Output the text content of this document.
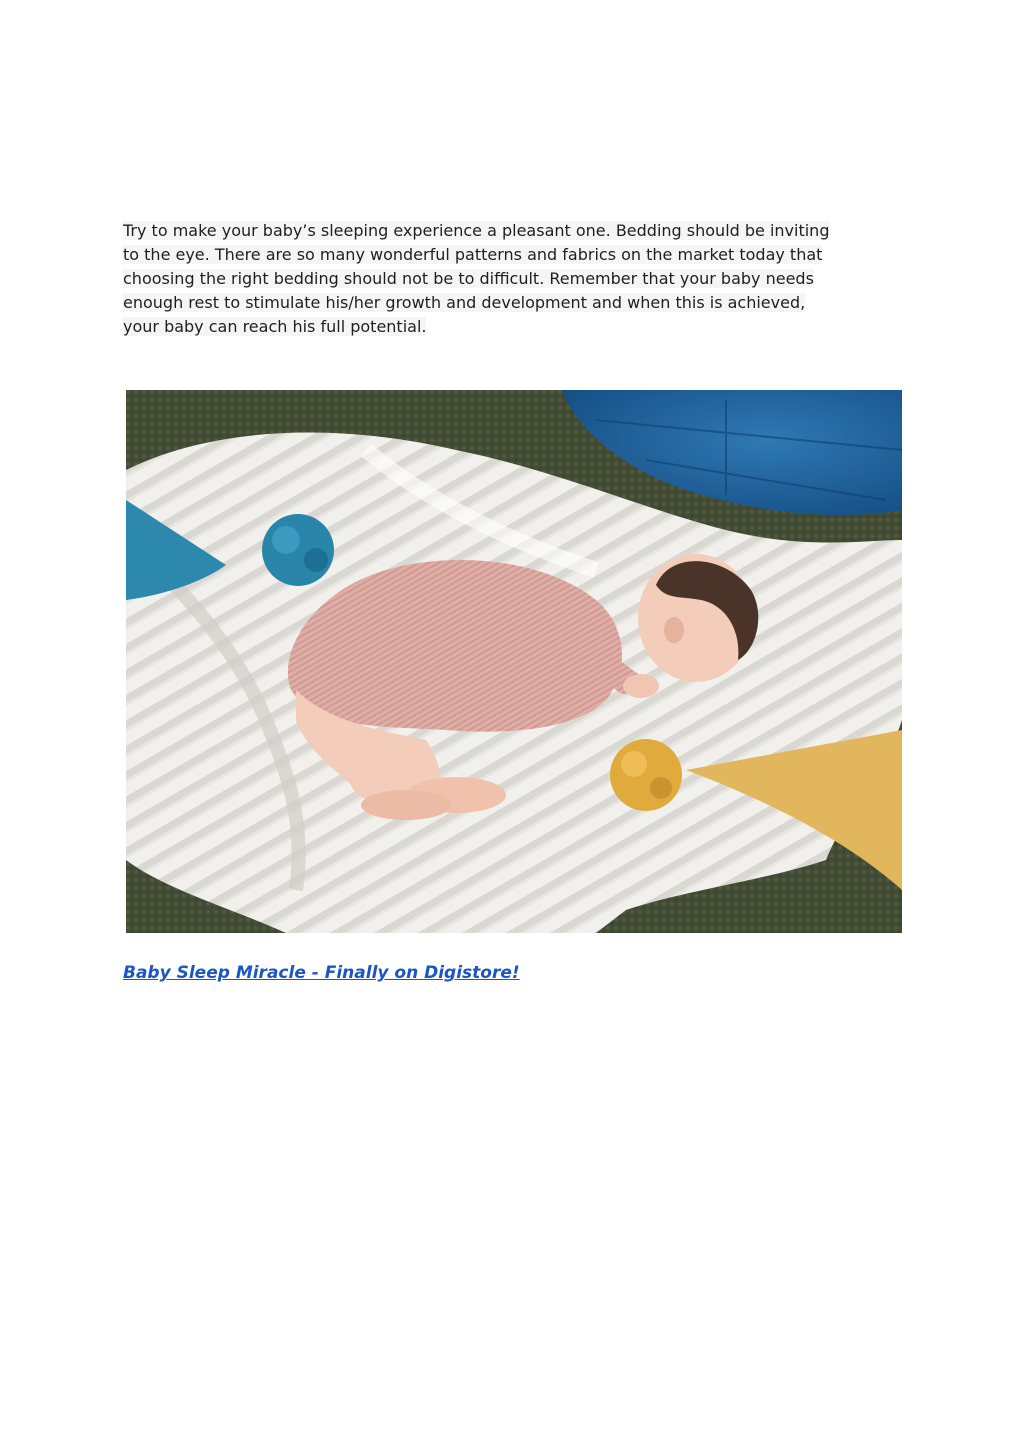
Try to make your baby’s sleeping experience a pleasant one. Bedding should be inviting
to the eye. There are so many wonderful patterns and fabrics on the market today that
choosing the right bedding should not be to difficult. Remember that your baby needs
enough rest to stimulate his/her growth and development and when this is achieved,
your baby can reach his full potential.

Baby Sleep Miracle - Finally on Digistore!
